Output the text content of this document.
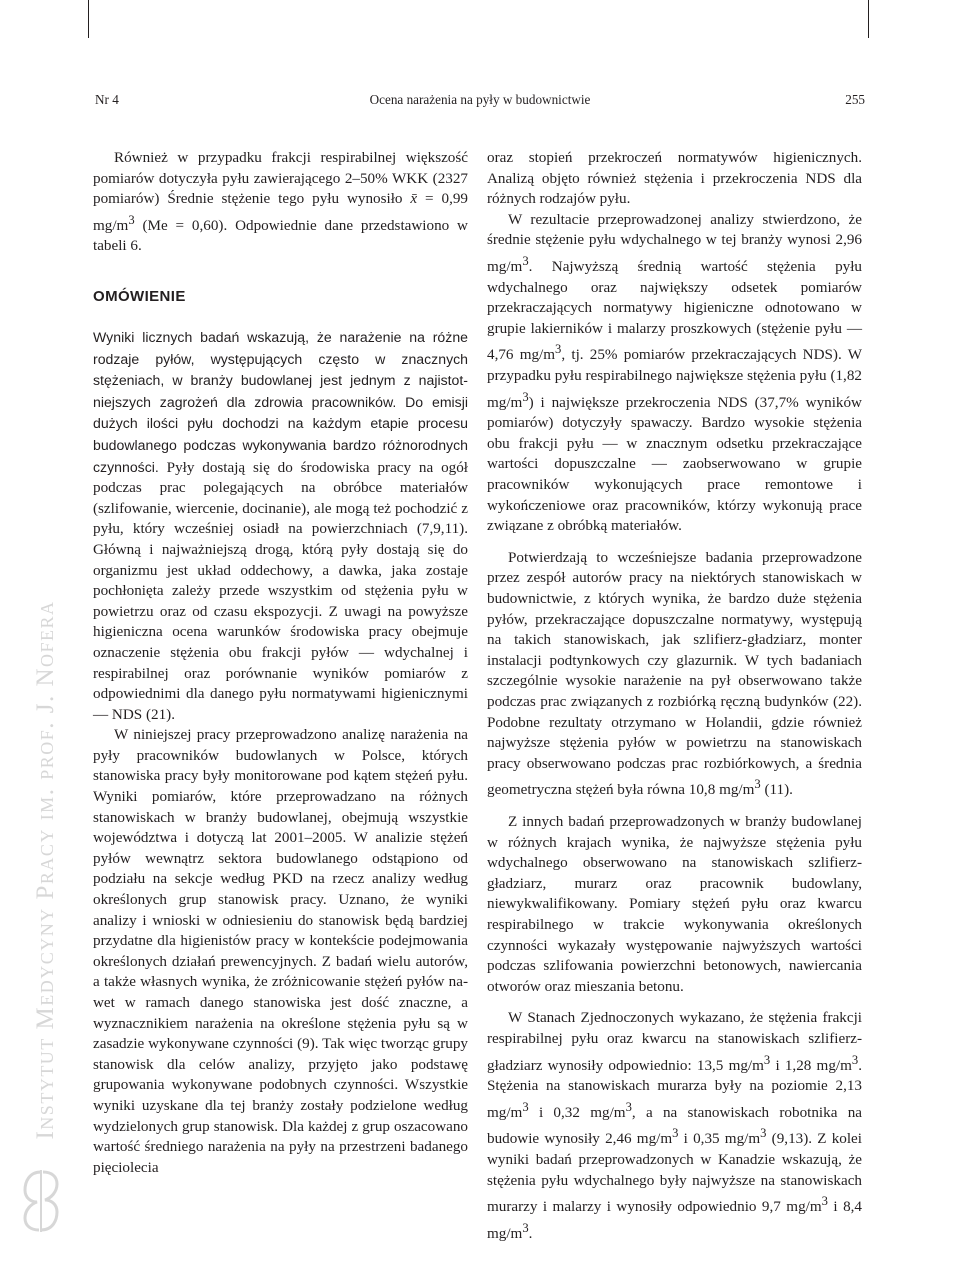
Nr 4	Ocena narażenia na pyły w budownictwie	255

Również w przypadku frakcji respirabilnej większość pomiarów dotyczyła pyłu zawierającego 2–50% WKK (2327 pomiarów) Średnie stężenie tego pyłu wynosiło x̄ = 0,99 $mg/m^3$ (Me = 0,60). Odpowiednie dane przedstawiono w tabeli 6.

OMÓWIENIE

Wyniki licznych badań wskazują, że narażenie na różne rodzaje pyłów, występujących często w znacznych stężeniach, w branży budowlanej jest jednym z najistotniejszych zagrożeń dla zdrowia pracowników. Do emisji dużych ilości pyłu dochodzi na każdym etapie procesu budowlanego podczas wykonywania bardzo różnorodnych czynności. Pyły dostają się do środowiska pracy na ogół podczas prac polegających na obróbce materiałów (szlifowanie, wiercenie, docinanie), ale mogą też pochodzić z pyłu, który wcześniej osiadł na powierzchniach (7,9,11). Główną i najważniejszą drogą, którą pyły dostają się do organizmu jest układ oddechowy, a dawka, jaka zostaje pochłonięta zależy przede wszystkim od stężenia pyłu w powietrzu oraz od czasu ekspozycji. Z uwagi na powyższe higieniczna ocena warunków środowiska pracy obejmuje oznaczenie stężenia obu frakcji pyłów — wdychalnej i respirabilnej oraz porównanie wyników pomiarów z odpowiednimi dla danego pyłu normatywami higienicznymi — NDS (21).

W niniejszej pracy przeprowadzono analizę narażenia na pyły pracowników budowlanych w Polsce, których stanowiska pracy były monitorowane pod kątem stężeń pyłu. Wyniki pomiarów, które przeprowadzano na różnych stanowiskach w branży budowlanej, obejmują wszystkie województwa i dotyczą lat 2001–2005. W analizie stężeń pyłów wewnątrz sektora budowlanego odstąpiono od podziału na sekcje według PKD na rzecz analizy według określonych grup stanowisk pracy. Uznano, że wyniki analizy i wnioski w odniesieniu do stanowisk będą bardziej przydatne dla higienistów pracy w kontekście podejmowania określonych działań prewencyjnych. Z badań wielu autorów, a także własnych wynika, że zróżnicowanie stężeń pyłów nawet w ramach danego stanowiska jest dość znaczne, a wyznacznikiem narażenia na określone stężenia pyłu są w zasadzie wykonywane czynności (9). Tak więc tworząc grupy stanowisk dla celów analizy, przyjęto jako podstawę grupowania wykonywane podobnych czynności. Wszystkie wyniki uzyskane dla tej branży zostały podzielone według wydzielonych grup stanowisk. Dla każdej z grup oszacowano wartość średniego narażenia na pyły na przestrzeni badanego pięciolecia

oraz stopień przekroczeń normatywów higienicznych. Analizą objęto również stężenia i przekroczenia NDS dla różnych rodzajów pyłu.

W rezultacie przeprowadzonej analizy stwierdzono, że średnie stężenie pyłu wdychalnego w tej branży wynosi 2,96 $mg/m^3$. Najwyższą średnią wartość stężenia pyłu wdychalnego oraz największy odsetek pomiarów przekraczających normatywy higieniczne odnotowano w grupie lakierników i malarzy proszkowych (stężenie pyłu — 4,76 $mg/m^3$, tj. 25% pomiarów przekraczających NDS). W przypadku pyłu respirabilnego największe stężenia pyłu (1,82 $mg/m^3$) i największe przekroczenia NDS (37,7% wyników pomiarów) dotyczyły spawaczy. Bardzo wysokie stężenia obu frakcji pyłu — w znacznym odsetku przekraczające wartości dopuszczalne — zaobserwowano w grupie pracowników wykonujących prace remontowe i wykończeniowe oraz pracowników, którzy wykonują prace związane z obróbką materiałów.

Potwierdzają to wcześniejsze badania przeprowadzone przez zespół autorów pracy na niektórych stanowiskach w budownictwie, z których wynika, że bardzo duże stężenia pyłów, przekraczające dopuszczalne normatywy, występują na takich stanowiskach, jak szlifierz-gładziarz, monter instalacji podtynkowych czy glazurnik. W tych badaniach szczególnie wysokie narażenie na pył obserwowano także podczas prac związanych z rozbiórką ręczną budynków (22). Podobne rezultaty otrzymano w Holandii, gdzie również najwyższe stężenia pyłów w powietrzu na stanowiskach pracy obserwowano podczas prac rozbiórkowych, a średnia geometryczna stężeń była równa 10,8 $mg/m^3$ (11).

Z innych badań przeprowadzonych w branży budowlanej w różnych krajach wynika, że najwyższe stężenia pyłu wdychalnego obserwowano na stanowiskach szlifierz-gładziarz, murarz oraz pracownik budowlany, niewykwalifikowany. Pomiary stężeń pyłu oraz kwarcu respirabilnego w trakcie wykonywania określonych czynności wykazały występowanie najwyższych wartości podczas szlifowania powierzchni betonowych, nawiercania otworów oraz mieszania betonu.

W Stanach Zjednoczonych wykazano, że stężenia frakcji respirabilnej pyłu oraz kwarcu na stanowiskach szlifierz-gładziarz wynosiły odpowiednio: 13,5 $mg/m^3$ i 1,28 $mg/m^3$. Stężenia na stanowiskach murarza były na poziomie 2,13 $mg/m^3$ i 0,32 $mg/m^3$, a na stanowiskach robotnika na budowie wynosiły 2,46 $mg/m^3$ i 0,35 $mg/m^3$ (9,13). Z kolei wyniki badań przeprowadzonych w Kanadzie wskazują, że stężenia pyłu wdychalnego były najwyższe na stanowiskach murarzy i malarzy i wynosiły odpowiednio 9,7 $mg/m^3$ i 8,4 $mg/m^3$.

Instytut Medycyny Pracy im. prof. J. Nofera
